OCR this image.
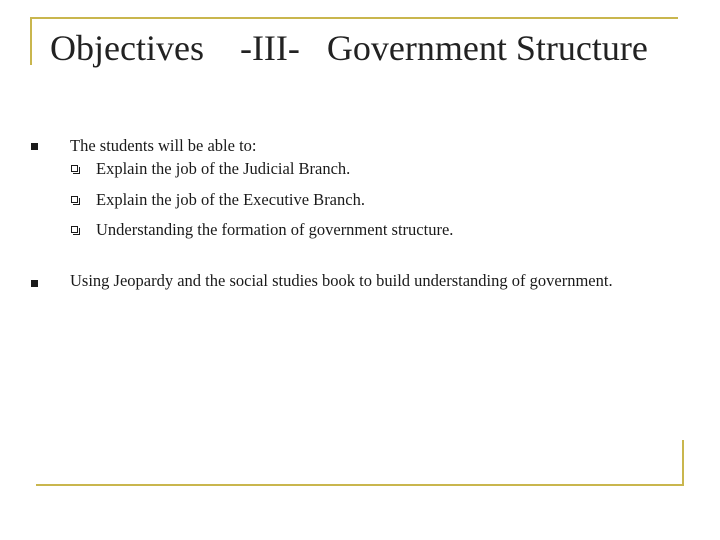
Objectives    -III-   Government Structure
The students will be able to:
Explain the job of the Judicial Branch.
Explain the job of the Executive Branch.
Understanding the formation of government structure.
Using Jeopardy and the social studies book to build understanding of government.
